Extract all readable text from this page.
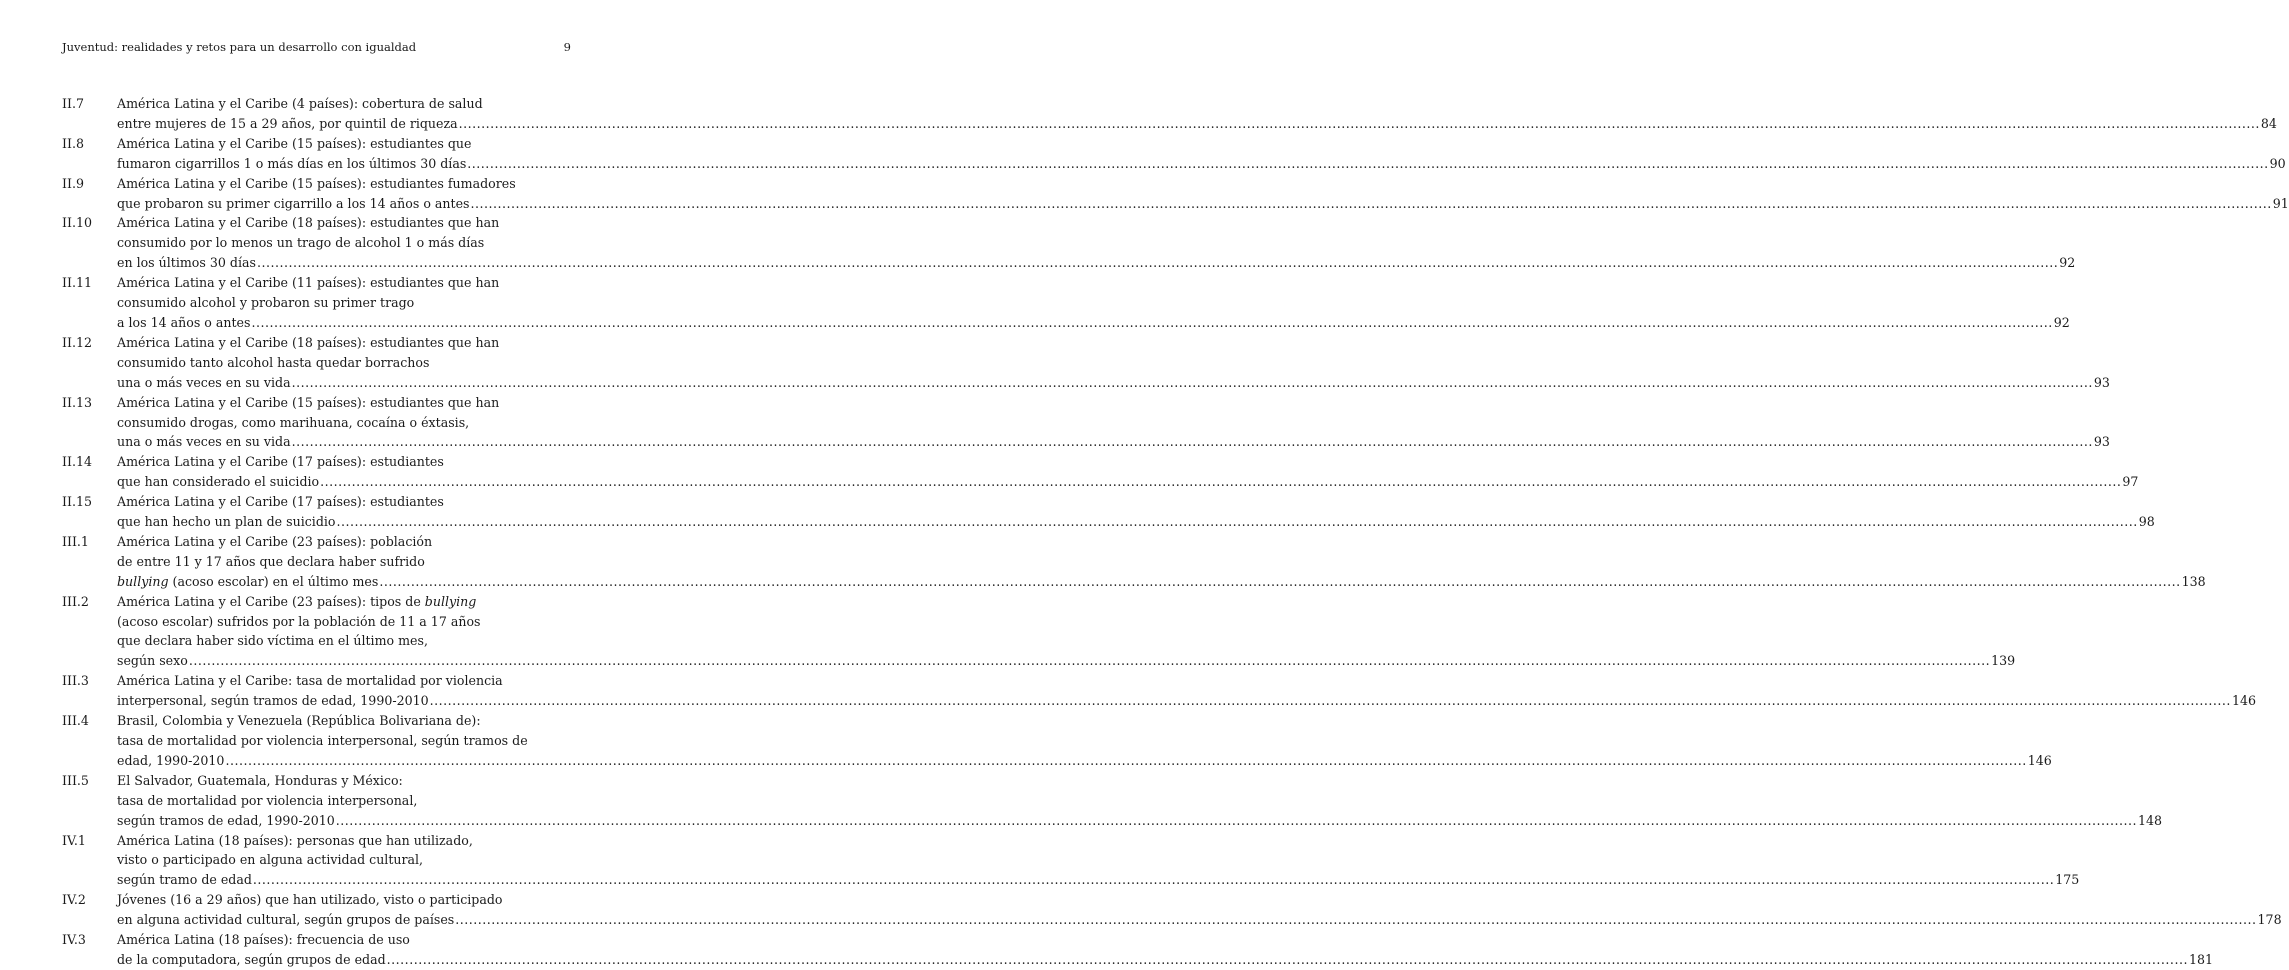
Juventud: realidades y retos para un desarrollo con igualdad	9
II.7	América Latina y el Caribe (4 países): cobertura de salud
entre mujeres de 15 a 29 años, por quintil de riqueza ................................................................................................................................................................................................................................................................................................................................................................................................................ 84
II.8	América Latina y el Caribe (15 países): estudiantes que
fumaron cigarrillos 1 o más días en los últimos 30 días ................................................................................................................................................................................................................................................................................................................................................................................................................ 90
II.9	América Latina y el Caribe (15 países): estudiantes fumadores
que probaron su primer cigarrillo a los 14 años o antes ................................................................................................................................................................................................................................................................................................................................................................................................................ 91
II.10	América Latina y el Caribe (18 países): estudiantes que han
consumido por lo menos un trago de alcohol 1 o más días
en los últimos 30 días ................................................................................................................................................................................................................................................................................................................................................................................................................ 92
II.11	América Latina y el Caribe (11 países): estudiantes que han
consumido alcohol y probaron su primer trago
a los 14 años o antes ................................................................................................................................................................................................................................................................................................................................................................................................................ 92
II.12	América Latina y el Caribe (18 países): estudiantes que han
consumido tanto alcohol hasta quedar borrachos
una o más veces en su vida ................................................................................................................................................................................................................................................................................................................................................................................................................ 93
II.13	América Latina y el Caribe (15 países): estudiantes que han
consumido drogas, como marihuana, cocaína o éxtasis,
una o más veces en su vida ................................................................................................................................................................................................................................................................................................................................................................................................................ 93
II.14	América Latina y el Caribe (17 países): estudiantes
que han considerado el suicidio ................................................................................................................................................................................................................................................................................................................................................................................................................ 97
II.15	América Latina y el Caribe (17 países): estudiantes
que han hecho un plan de suicidio ................................................................................................................................................................................................................................................................................................................................................................................................................ 98
III.1	América Latina y el Caribe (23 países): población
de entre 11 y 17 años que declara haber sufrido
bullying (acoso escolar) en el último mes ................................................................................................................................................................................................................................................................................................................................................................................................................ 138
III.2	América Latina y el Caribe (23 países): tipos de bullying
(acoso escolar) sufridos por la población de 11 a 17 años
que declara haber sido víctima en el último mes,
según sexo ................................................................................................................................................................................................................................................................................................................................................................................................................ 139
III.3	América Latina y el Caribe: tasa de mortalidad por violencia
interpersonal, según tramos de edad, 1990-2010 ................................................................................................................................................................................................................................................................................................................................................................................................................ 146
III.4	Brasil, Colombia y Venezuela (República Bolivariana de):
tasa de mortalidad por violencia interpersonal, según tramos de
edad, 1990-2010 ................................................................................................................................................................................................................................................................................................................................................................................................................ 146
III.5	El Salvador, Guatemala, Honduras y México:
tasa de mortalidad por violencia interpersonal,
según tramos de edad, 1990-2010 ................................................................................................................................................................................................................................................................................................................................................................................................................ 148
IV.1	América Latina (18 países): personas que han utilizado,
visto o participado en alguna actividad cultural,
según tramo de edad ................................................................................................................................................................................................................................................................................................................................................................................................................ 175
IV.2	Jóvenes (16 a 29 años) que han utilizado, visto o participado
en alguna actividad cultural, según grupos de países ................................................................................................................................................................................................................................................................................................................................................................................................................ 178
IV.3	América Latina (18 países): frecuencia de uso
de la computadora, según grupos de edad ................................................................................................................................................................................................................................................................................................................................................................................................................ 181
